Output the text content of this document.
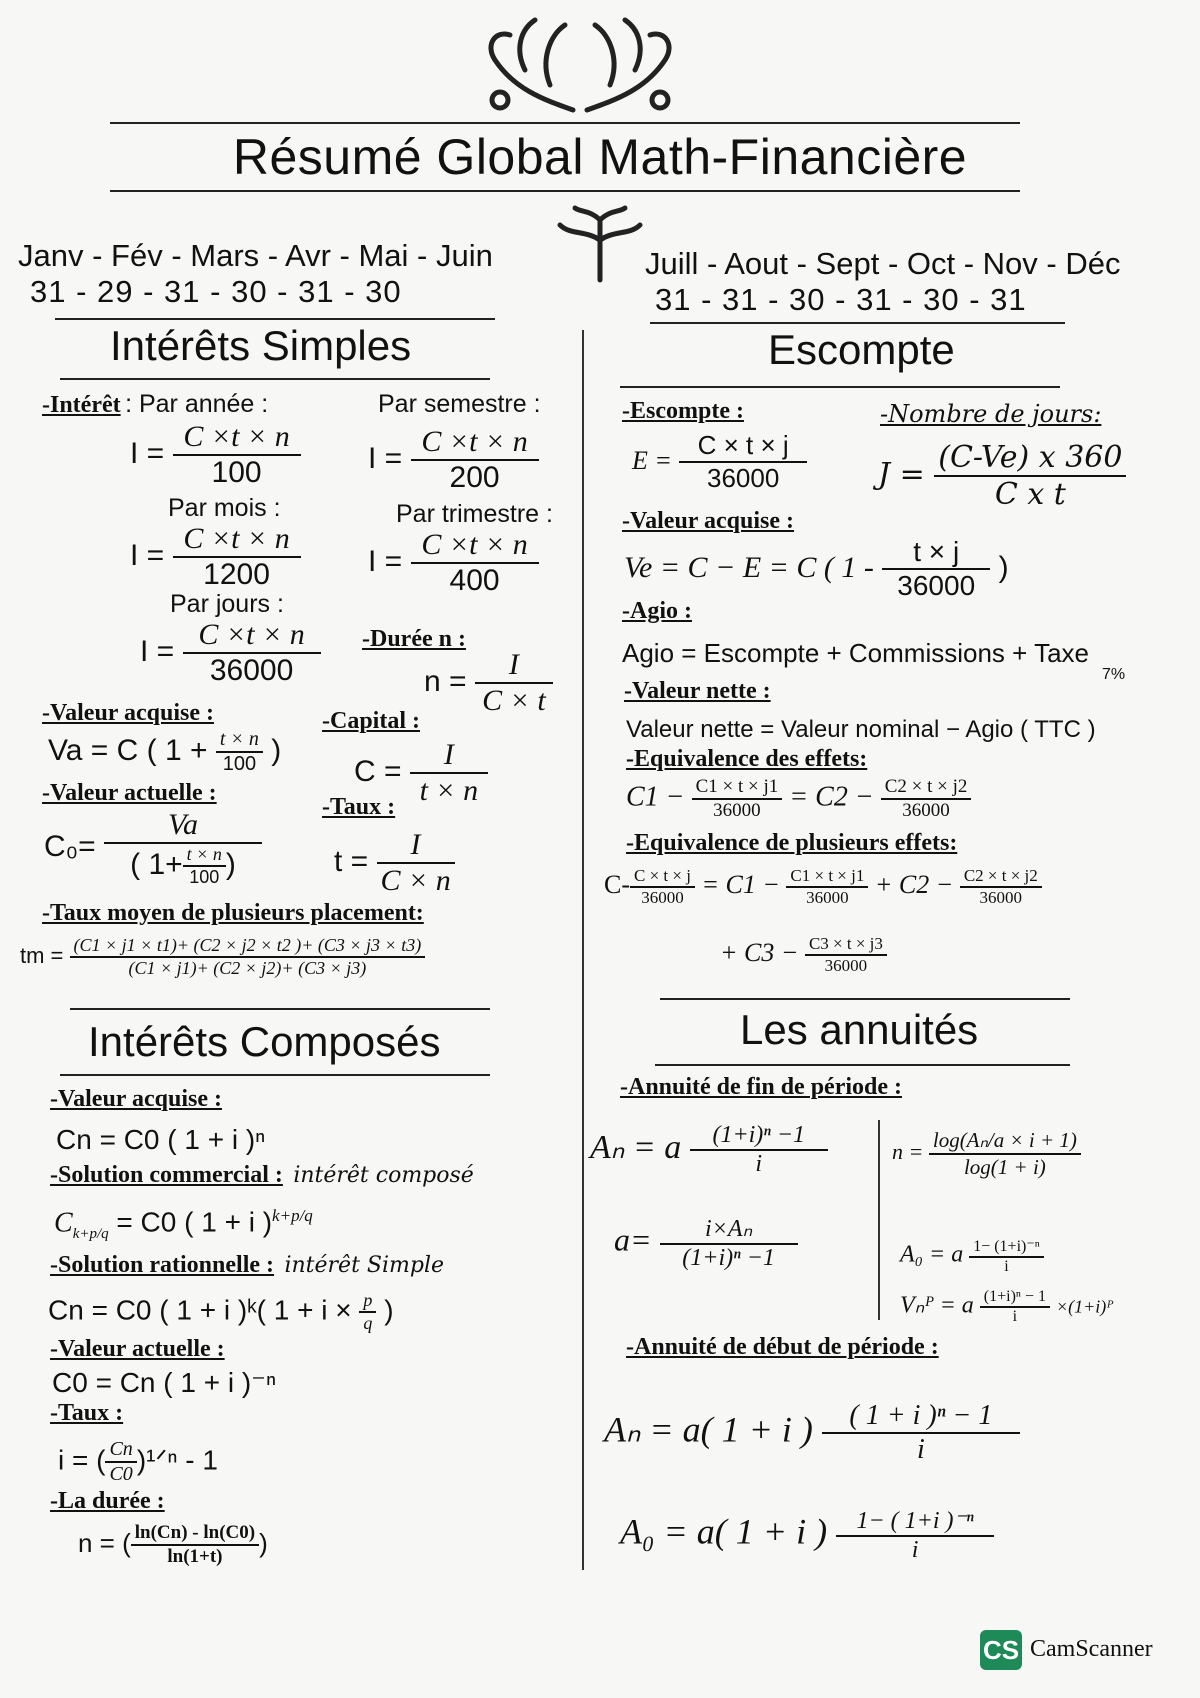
Résumé Global Math-Financière
Janv - Fév - Mars - Avr - Mai - Juin
31 - 29 - 31 - 30 - 31 - 30
Juill - Aout - Sept - Oct - Nov - Déc
31 - 31 - 30 - 31 - 30 - 31
Intérêts Simples
-Intérêt : Par année :	Par semestre :
$I = \frac{C \times t \times n}{100}$ $I = \frac{C \times t \times n}{200}$
Par mois :	Par trimestre :
$I = \frac{C \times t \times n}{1200}$ $I = \frac{C \times t \times n}{400}$
Par jours :
$I = \frac{C \times t \times n}{36000}$ -Durée n :
$n = \frac{I}{C \times t}$
-Valeur acquise :
Va = C ( $1 + \frac{t \times n}{100}$ )
-Capital :
$C = \frac{I}{t \times n}$
-Valeur actuelle :
$C_0= \frac{Va}{( 1+ \frac{t \times n}{100} )}$
-Taux :
$t = \frac{I}{C \times n}$
-Taux moyen de plusieurs placement:
tm = $\frac{(C1 \times j1 \times t1)+ (C2 \times j2 \times t2 )+ (C3 \times j3 \times t3)}{(C1 \times j1)+ (C2 \times j2)+ (C3 \times j3)}$
Intérêts Composés
-Valeur acquise :
Cn = C0 ( 1 + i )ⁿ
-Solution commercial : intérêt composé
$C_{k+p/q} = C0$ ( 1 + i )$^{k+p/q}$
-Solution rationnelle : intérêt Simple
Cn = C0 ( 1 + i )ᵏ( $1 + i \times \frac{p}{q}$ )
-Valeur actuelle :
C0 = Cn ( 1 + i )⁻ⁿ
-Taux :
i = ( $\frac{Cn}{C0}$ )¹ᐟⁿ - 1
-La durée :
n = ( $\frac{\ln(Cn) - \ln(C0)}{\ln(1+t)}$ )
Escompte
-Escompte :
$E = \frac{C \times t \times j}{36000}$
-Nombre de jours:
$J = \frac{(C-Ve) x 360}{\text{C x t}}$
-Valeur acquise :
Ve = C − E = C ( $1 - \frac{t \times j}{36000}$ )
-Agio :
Agio = Escompte + Commissions + Taxe
7%
-Valeur nette :
Valeur nette = Valeur nominal − Agio ( TTC )
-Equivalence des effets:
$C1 - \frac{C1 \times t \times j1}{36000} = C2 - \frac{C2 \times t \times j2}{36000}$
-Equivalence de plusieurs effets:
$C- \frac{C \times t \times j}{36000} = C1 - \frac{C1 \times t \times j1}{36000} + C2 - \frac{C2 \times t \times j2}{36000}$
+ $C3 - \frac{C3 \times t \times j3}{36000}$
Les annuités
-Annuité de fin de période :
Aₙ = a $\frac{\text{(1+i)ⁿ −1}}{i}$	$n = \frac{\text{log(Aₙ/a × i + 1)}}{\log(1 + i)}$
$a= \frac{\text{i×Aₙ}}{\text{(1+i)ⁿ −1}}$	A₀ = a $\frac{\text{1− (1+i)⁻ⁿ}}{i}$
Vₙᴾ = a $\frac{\text{(1+i)ⁿ − 1}}{i}$ ×(1+i)ᴾ
-Annuité de début de période :
Aₙ = a( 1 + i ) $\frac{\text{( 1 + i )ⁿ − 1}}{i}$
A₀ = a( 1 + i ) $\frac{\text{1− ( 1+i )⁻ⁿ}}{i}$
CS CamScanner
